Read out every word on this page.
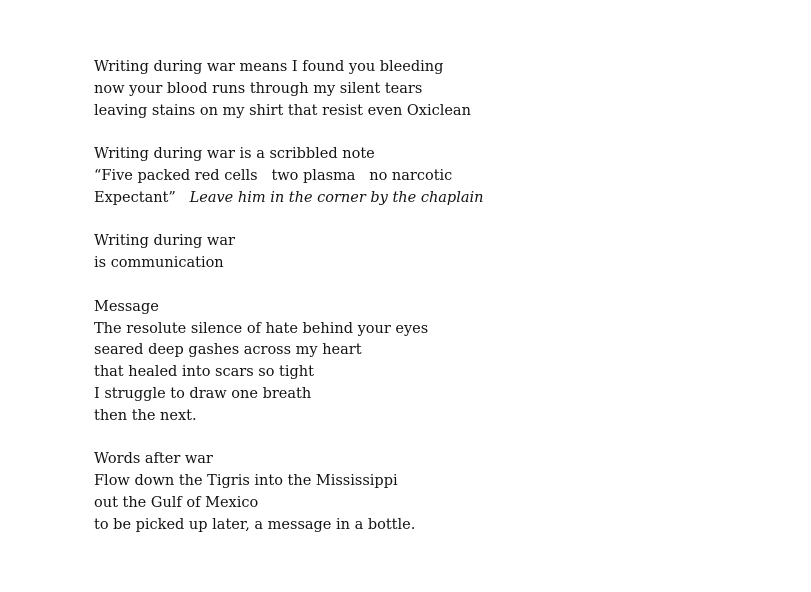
Writing during war means I found you bleeding
now your blood runs through my silent tears
leaving stains on my shirt that resist even Oxiclean
Writing during war is a scribbled note
“Five packed red cells   two plasma   no narcotic
Expectant”   Leave him in the corner by the chaplain
Writing during war
is communication
Message
The resolute silence of hate behind your eyes
seared deep gashes across my heart
that healed into scars so tight
I struggle to draw one breath
then the next.
Words after war
Flow down the Tigris into the Mississippi
out the Gulf of Mexico
to be picked up later, a message in a bottle.
